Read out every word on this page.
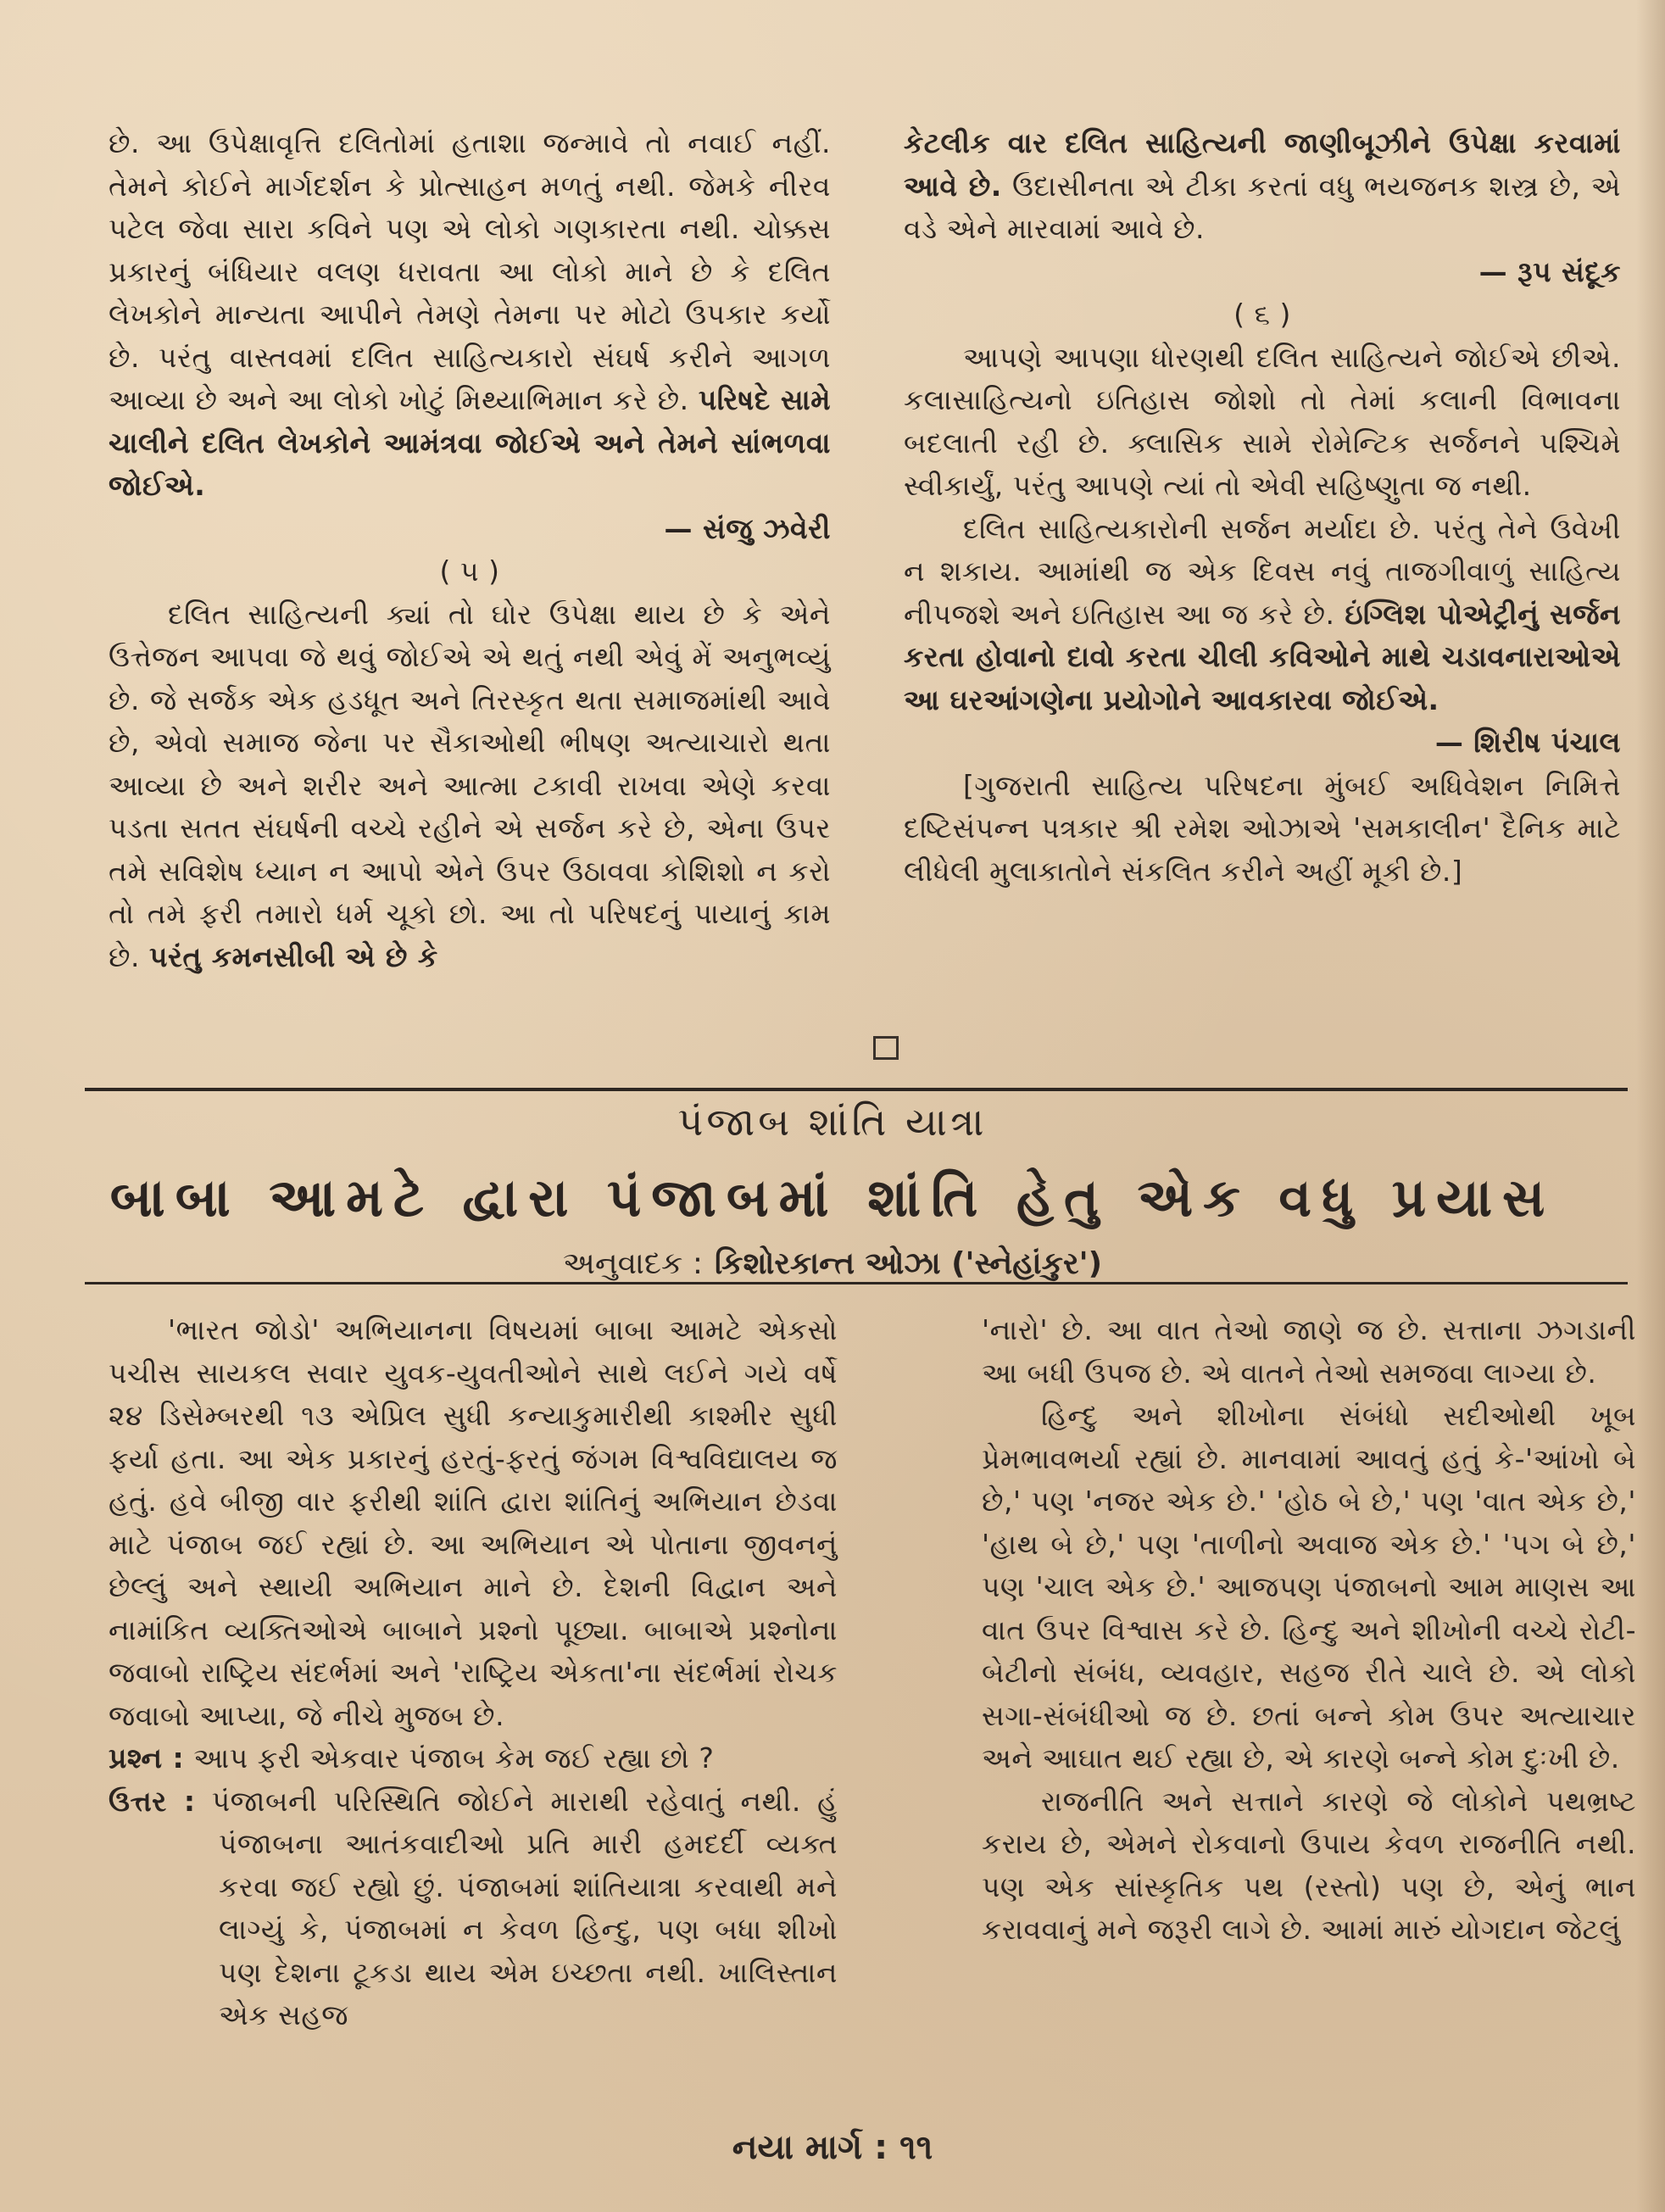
છે. આ ઉપેક્ષાવૃત્તિ દલિતોમાં હતાશા જન્માવે તો નવાઈ નહીં. તેમને કોઈને માર્ગદર્શન કે પ્રોત્સાહન મળતું નથી. જેમકે નીરવ પટેલ જેવા સારા કવિને પણ એ લોકો ગણકારતા નથી. ચોક્કસ પ્રકારનું બંધિયાર વલણ ધરાવતા આ લોકો માને છે કે દલિત લેખકોને માન્યતા આપીને તેમણે તેમના પર મોટો ઉપકાર કર્યો છે. પરંતુ વાસ્તવમાં દલિત સાહિત્યકારો સંઘર્ષ કરીને આગળ આવ્યા છે અને આ લોકો ખોટું મિથ્યાભિમાન કરે છે. પરિષદે સામે ચાલીને દલિત લેખકોને આમંત્રવા જોઈએ અને તેમને સાંભળવા જોઈએ.

— સંજુ ઝવેરી

( ૫ )

દલિત સાહિત્યની ક્યાં તો ઘોર ઉપેક્ષા થાય છે કે એને ઉત્તેજન આપવા જે થવું જોઈએ એ થતું નથી એવું મેં અનુભવ્યું છે. જે સર્જક એક હડધૂત અને તિરસ્કૃત થતા સમાજમાંથી આવે છે, એવો સમાજ જેના પર સૈકાઓથી ભીષણ અત્યાચારો થતા આવ્યા છે અને શરીર અને આત્મા ટકાવી રાખવા એણે કરવા પડતા સતત સંઘર્ષની વચ્ચે રહીને એ સર્જન કરે છે, એના ઉપર તમે સવિશેષ ધ્યાન ન આપો એને ઉપર ઉઠાવવા કોશિશો ન કરો તો તમે ફરી તમારો ધર્મ ચૂકો છો. આ તો પરિષદનું પાયાનું કામ છે. પરંતુ કમનસીબી એ છે કે

કેટલીક વાર દલિત સાહિત્યની જાણીબૂઝીને ઉપેક્ષા કરવામાં આવે છે. ઉદાસીનતા એ ટીકા કરતાં વધુ ભયજનક શસ્ત્ર છે, એ વડે એને મારવામાં આવે છે.

— રૂપ સંદૂક

( ૬ )

આપણે આપણા ધોરણથી દલિત સાહિત્યને જોઈએ છીએ. કલાસાહિત્યનો ઇતિહાસ જોશો તો તેમાં કલાની વિભાવના બદલાતી રહી છે. ક્લાસિક સામે રોમેન્ટિક સર્જનને પશ્ચિમે સ્વીકાર્યું, પરંતુ આપણે ત્યાં તો એવી સહિષ્ણુતા જ નથી.

દલિત સાહિત્યકારોની સર્જન મર્યાદા છે. પરંતુ તેને ઉવેખી ન શકાય. આમાંથી જ એક દિવસ નવું તાજગીવાળું સાહિત્ય નીપજશે અને ઇતિહાસ આ જ કરે છે. ઇંગ્લિશ પોએટ્રીનું સર્જન કરતા હોવાનો દાવો કરતા ચીલી કવિઓને માથે ચડાવનારાઓએ આ ઘરઆંગણેના પ્રયોગોને આવકારવા જોઈએ.

— શિરીષ પંચાલ

[ગુજરાતી સાહિત્ય પરિષદના મુંબઈ અધિવેશન નિમિત્તે દષ્ટિસંપન્ન પત્રકાર શ્રી રમેશ ઓઝાએ 'સમકાલીન' દૈનિક માટે લીધેલી મુલાકાતોને સંકલિત કરીને અહીં મૂકી છે.]

પંજાબ શાંતિ યાત્રા
બાબા આમટે દ્વારા પંજાબમાં શાંતિ હેતુ એક વધુ પ્રયાસ
અનુવાદક : કિશોરકાન્ત ઓઝા ('સ્નેહાંકુર')

'ભારત જોડો' અભિયાનના વિષયમાં બાબા આમટે એકસો પચીસ સાયકલ સવાર યુવક-યુવતીઓને સાથે લઈને ગયે વર્ષે ૨૪ ડિસેમ્બરથી ૧૩ એપ્રિલ સુધી કન્યાકુમારીથી કાશ્મીર સુધી ફર્યા હતા. આ એક પ્રકારનું હરતું-ફરતું જંગમ વિશ્વવિદ્યાલય જ હતું. હવે બીજી વાર ફરીથી શાંતિ દ્વારા શાંતિનું અભિયાન છેડવા માટે પંજાબ જઈ રહ્યાં છે. આ અભિયાન એ પોતાના જીવનનું છેલ્લું અને સ્થાયી અભિયાન માને છે. દેશની વિદ્વાન અને નામાંકિત વ્યક્તિઓએ બાબાને પ્રશ્નો પૂછ્યા. બાબાએ પ્રશ્નોના જવાબો રાષ્ટ્રિય સંદર્ભમાં અને 'રાષ્ટ્રિય એકતા'ના સંદર્ભમાં રોચક જવાબો આપ્યા, જે નીચે મુજબ છે.

પ્રશ્ન : આપ ફરી એકવાર પંજાબ કેમ જઈ રહ્યા છો ?

ઉત્તર : પંજાબની પરિસ્થિતિ જોઈને મારાથી રહેવાતું નથી. હું પંજાબના આતંકવાદીઓ પ્રતિ મારી હમદર્દી વ્યક્ત કરવા જઈ રહ્યો છું. પંજાબમાં શાંતિયાત્રા કરવાથી મને લાગ્યું કે, પંજાબમાં ન કેવળ હિન્દુ, પણ બધા શીખો પણ દેશના ટૂકડા થાય એમ ઇચ્છતા નથી. ખાલિસ્તાન એક સહજ

'નારો' છે. આ વાત તેઓ જાણે જ છે. સત્તાના ઝગડાની આ બધી ઉપજ છે. એ વાતને તેઓ સમજવા લાગ્યા છે.

હિન્દુ અને શીખોના સંબંધો સદીઓથી ખૂબ પ્રેમભાવભર્યા રહ્યાં છે. માનવામાં આવતું હતું કે-'આંખો બે છે,' પણ 'નજર એક છે.' 'હોઠ બે છે,' પણ 'વાત એક છે,' 'હાથ બે છે,' પણ 'તાળીનો અવાજ એક છે.' 'પગ બે છે,' પણ 'ચાલ એક છે.' આજપણ પંજાબનો આમ માણસ આ વાત ઉપર વિશ્વાસ કરે છે. હિન્દુ અને શીખોની વચ્ચે રોટી-બેટીનો સંબંધ, વ્યવહાર, સહજ રીતે ચાલે છે. એ લોકો સગા-સંબંધીઓ જ છે. છતાં બન્ને કોમ ઉપર અત્યાચાર અને આઘાત થઈ રહ્યા છે, એ કારણે બન્ને કોમ દુઃખી છે.

રાજનીતિ અને સત્તાને કારણે જે લોકોને પથભ્રષ્ટ કરાય છે, એમને રોકવાનો ઉપાય કેવળ રાજનીતિ નથી. પણ એક સાંસ્કૃતિક પથ (રસ્તો) પણ છે, એનું ભાન કરાવવાનું મને જરૂરી લાગે છે. આમાં મારું યોગદાન જેટલું

નયા માર્ગ : ૧૧
